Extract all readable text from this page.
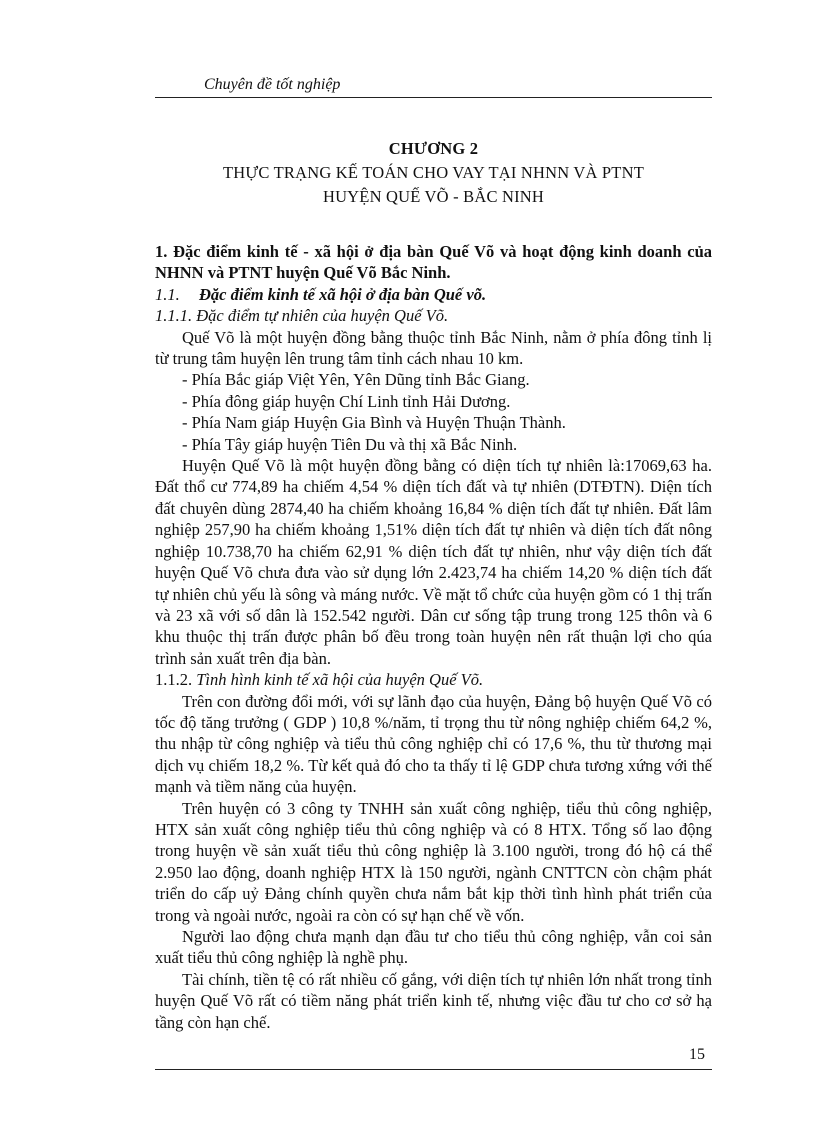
Chuyên đề tốt nghiệp
CHƯƠNG 2
THỰC TRẠNG KẾ TOÁN CHO VAY TẠI NHNN VÀ PTNT
HUYỆN QUẾ VÕ - BẮC NINH

1. Đặc điểm kinh tế - xã hội ở địa bàn Quế Võ và hoạt động kinh doanh của NHNN và PTNT huyện Quế Võ Bắc Ninh.

1.1. Đặc điểm kinh tế xã hội ở địa bàn Quế võ.

1.1.1. Đặc điểm tự nhiên của huyện Quế Võ.

Quế Võ là một huyện đồng bằng thuộc tỉnh Bắc Ninh, nằm ở phía đông tỉnh lị từ trung tâm huyện lên trung tâm tỉnh cách nhau 10 km.

- Phía Bắc giáp Việt Yên, Yên Dũng tỉnh Bắc Giang.

- Phía đông giáp huyện Chí Linh tỉnh Hải Dương.

- Phía Nam giáp Huyện Gia Bình và Huyện Thuận Thành.

- Phía Tây giáp huyện Tiên Du và thị xã Bắc Ninh.

Huyện Quế Võ là một huyện đồng bằng có diện tích tự nhiên là:17069,63 ha. Đất thổ cư 774,89 ha chiếm 4,54 % diện tích đất và tự nhiên (DTĐTN). Diện tích đất chuyên dùng 2874,40 ha chiếm khoảng 16,84 % diện tích đất tự nhiên. Đất lâm nghiệp 257,90 ha chiếm khoảng 1,51% diện tích đất tự nhiên và diện tích đất nông nghiệp 10.738,70 ha chiếm 62,91 % diện tích đất tự nhiên, như vậy diện tích đất huyện Quế Võ chưa đưa vào sử dụng lớn 2.423,74 ha chiếm 14,20 % diện tích đất tự nhiên chủ yếu là sông và máng nước. Về mặt tổ chức của huyện gồm có 1 thị trấn và 23 xã với số dân là 152.542 người. Dân cư sống tập trung trong 125 thôn và 6 khu thuộc thị trấn được phân bố đều trong toàn huyện nên rất thuận lợi cho qúa trình sản xuất trên địa bàn.

1.1.2. Tình hình kinh tế xã hội của huyện Quế Võ.

Trên con đường đổi mới, với sự lãnh đạo của huyện, Đảng bộ huyện Quế Võ có tốc độ tăng trưởng ( GDP ) 10,8 %/năm, tỉ trọng thu từ nông nghiệp chiếm 64,2 %, thu nhập từ công nghiệp và tiểu thủ công nghiệp chỉ có 17,6 %, thu từ thương mại dịch vụ chiếm 18,2 %. Từ kết quả đó cho ta thấy tỉ lệ GDP chưa tương xứng với thế mạnh và tiềm năng của huyện.

Trên huyện có 3 công ty TNHH sản xuất công nghiệp, tiểu thủ công nghiệp, HTX sản xuất công nghiệp tiểu thủ công nghiệp và có 8 HTX. Tổng số lao động trong huyện về sản xuất tiểu thủ công nghiệp là 3.100 người, trong đó hộ cá thể 2.950 lao động, doanh nghiệp HTX là 150 người, ngành CNTTCN còn chậm phát triển do cấp uỷ Đảng chính quyền chưa nắm bắt kịp thời tình hình phát triển của trong và ngoài nước, ngoài ra còn có sự hạn chế về vốn.

Người lao động chưa mạnh dạn đầu tư cho tiểu thủ công nghiệp, vẫn coi sản xuất tiểu thủ công nghiệp là nghề phụ.

Tài chính, tiền tệ có rất nhiều cố gắng, với diện tích tự nhiên lớn nhất trong tỉnh huyện Quế Võ rất có tiềm năng phát triển kinh tế, nhưng việc đầu tư cho cơ sở hạ tầng còn hạn chế.

15
